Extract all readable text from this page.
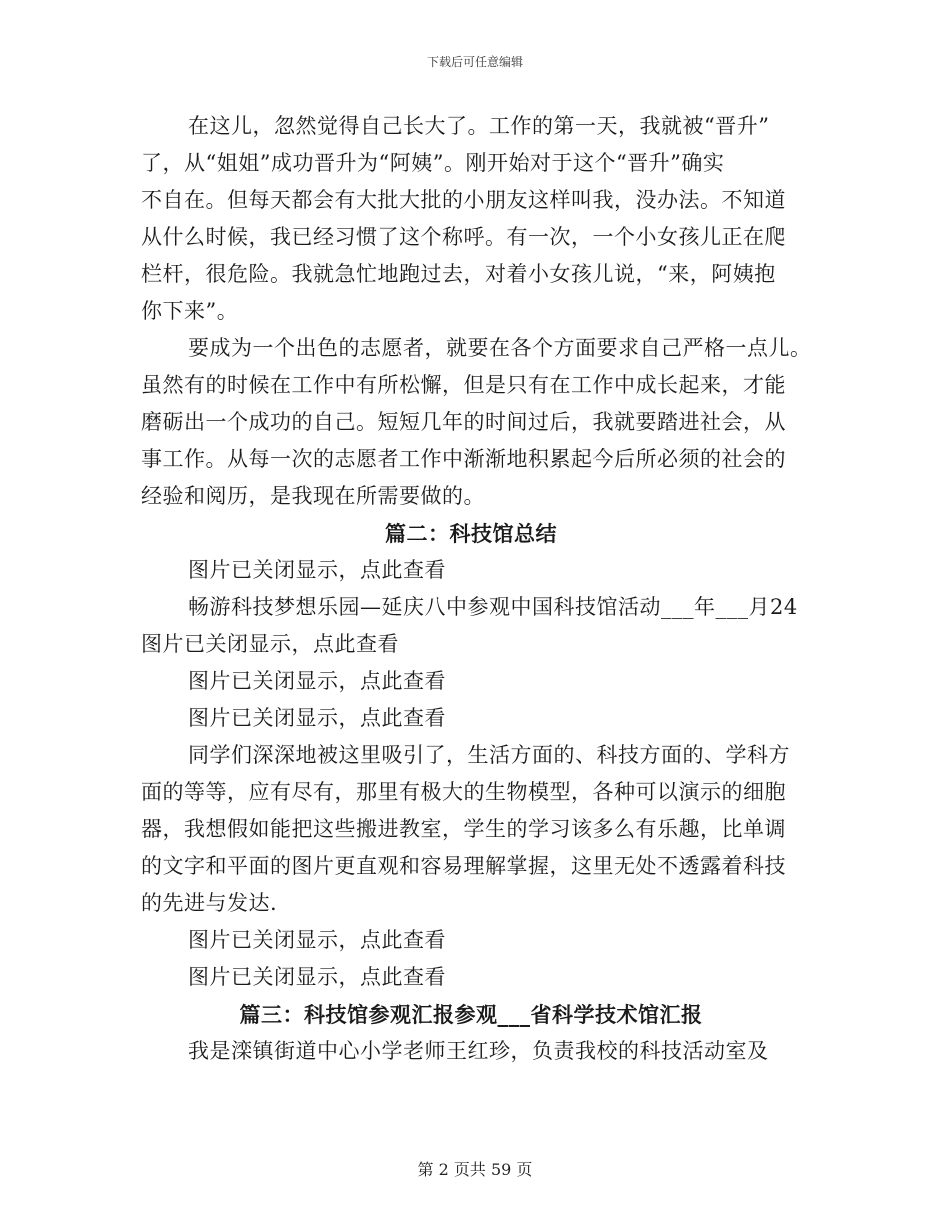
下载后可任意编辑
在这儿，忽然觉得自己长大了。工作的第一天，我就被“晋升”
了，从“姐姐”成功晋升为“阿姨”。刚开始对于这个“晋升”确实
不自在。但每天都会有大批大批的小朋友这样叫我，没办法。不知道
从什么时候，我已经习惯了这个称呼。有一次，一个小女孩儿正在爬
栏杆，很危险。我就急忙地跑过去，对着小女孩儿说，“来，阿姨抱
你下来”。
要成为一个出色的志愿者，就要在各个方面要求自己严格一点儿。
虽然有的时候在工作中有所松懈，但是只有在工作中成长起来，才能
磨砺出一个成功的自己。短短几年的时间过后，我就要踏进社会，从
事工作。从每一次的志愿者工作中渐渐地积累起今后所必须的社会的
经验和阅历，是我现在所需要做的。
篇二：科技馆总结
图片已关闭显示，点此查看
畅游科技梦想乐园—延庆八中参观中国科技馆活动___年___月24
图片已关闭显示，点此查看
图片已关闭显示，点此查看
图片已关闭显示，点此查看
同学们深深地被这里吸引了，生活方面的、科技方面的、学科方
面的等等，应有尽有，那里有极大的生物模型，各种可以演示的细胞
器，我想假如能把这些搬进教室，学生的学习该多么有乐趣，比单调
的文字和平面的图片更直观和容易理解掌握，这里无处不透露着科技
的先进与发达.
图片已关闭显示，点此查看
图片已关闭显示，点此查看
篇三：科技馆参观汇报参观___省科学技术馆汇报
我是滦镇街道中心小学老师王红珍，负责我校的科技活动室及
第 2 页共 59 页
